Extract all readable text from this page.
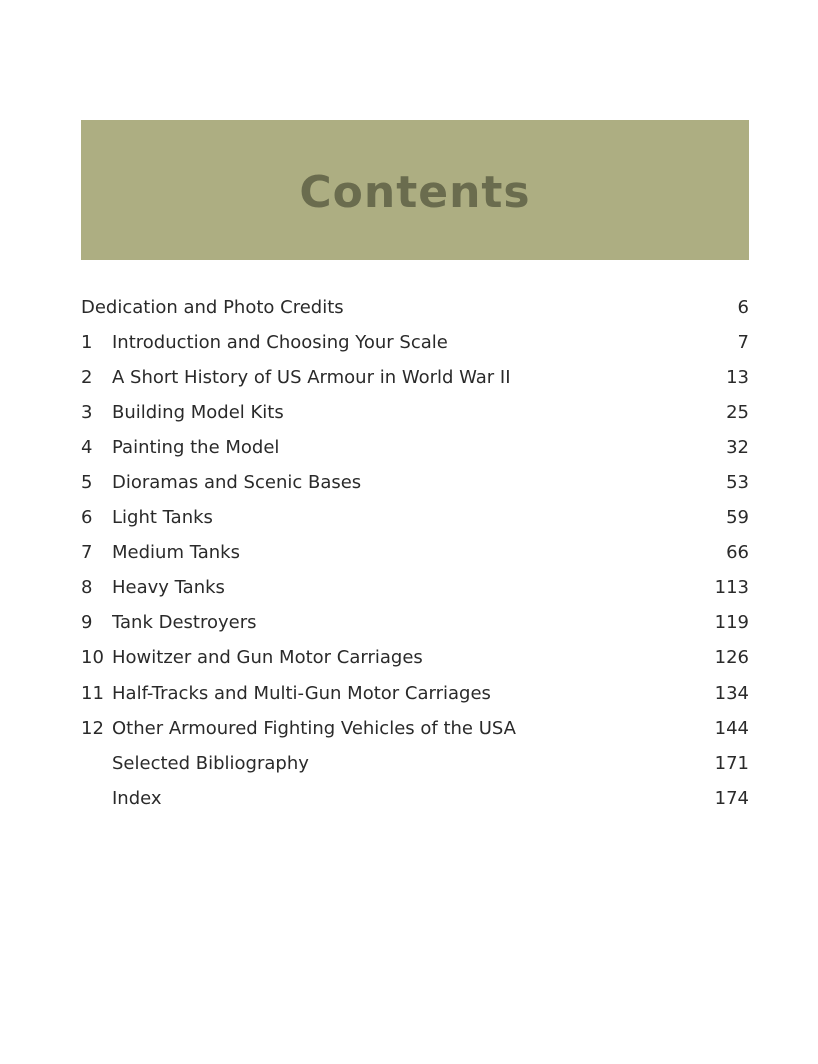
Contents
Dedication and Photo Credits	6
1	Introduction and Choosing Your Scale	7
2	A Short History of US Armour in World War II	13
3	Building Model Kits	25
4	Painting the Model	32
5	Dioramas and Scenic Bases	53
6	Light Tanks	59
7	Medium Tanks	66
8	Heavy Tanks	113
9	Tank Destroyers	119
10 Howitzer and Gun Motor Carriages	126
11 Half-Tracks and Multi-Gun Motor Carriages	134
12 Other Armoured Fighting Vehicles of the USA	144
Selected Bibliography	171
Index	174
